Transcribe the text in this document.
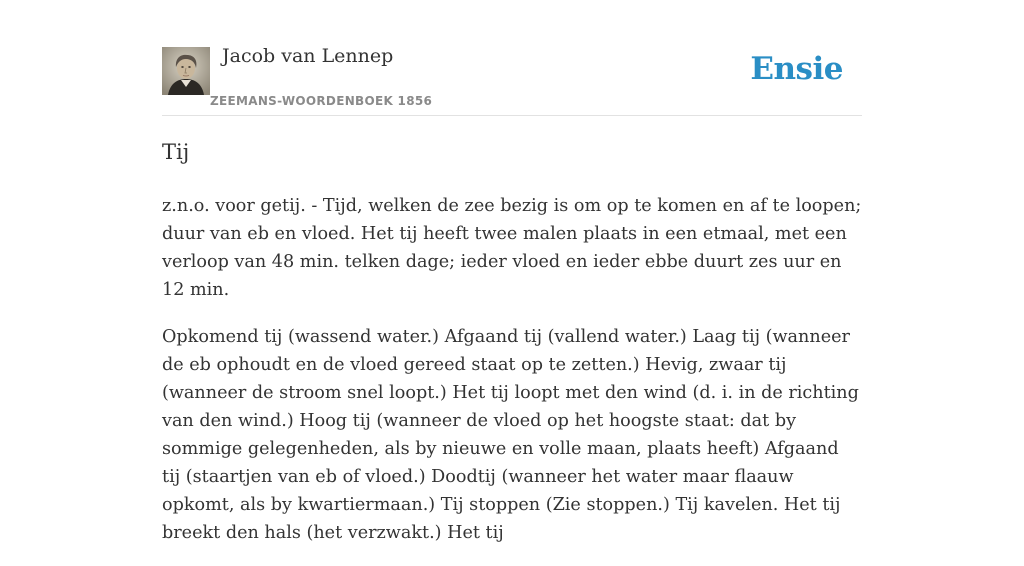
Jacob van Lennep
ZEEMANS-WOORDENBOEK 1856
Ensie
Tij

z.n.o. voor getij. - Tijd, welken de zee bezig is om op te komen en af te loopen; duur van eb en vloed. Het tij heeft twee malen plaats in een etmaal, met een verloop van 48 min. telken dage; ieder vloed en ieder ebbe duurt zes uur en 12 min.

Opkomend tij (wassend water.) Afgaand tij (vallend water.) Laag tij (wanneer de eb ophoudt en de vloed gereed staat op te zetten.) Hevig, zwaar tij (wanneer de stroom snel loopt.) Het tij loopt met den wind (d. i. in de richting van den wind.) Hoog tij (wanneer de vloed op het hoogste staat: dat by sommige gelegenheden, als by nieuwe en volle maan, plaats heeft) Afgaand tij (staartjen van eb of vloed.) Doodtij (wanneer het water maar flaauw opkomt, als by kwartiermaan.) Tij stoppen (Zie stoppen.) Tij kavelen. Het tij breekt den hals (het verzwakt.) Het tij
